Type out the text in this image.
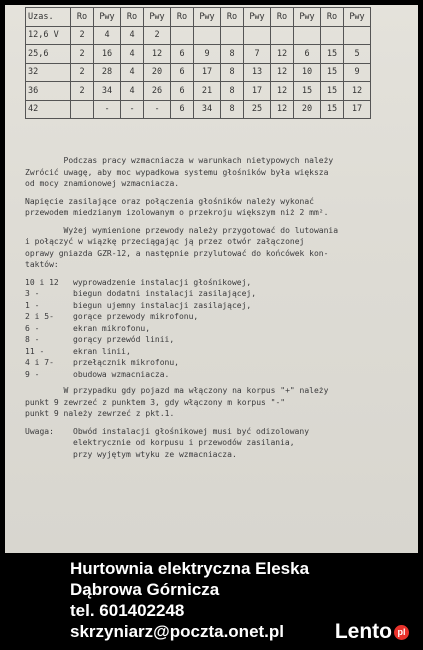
Uzas.	Ro	Pwy	Ro	Pwy	Ro	Pwy	Ro	Pwy	Ro	Pwy	Ro	Pwy
12,6 V	2	4	4	2								
25,6	2	16	4	12	6	9	8	7	12	6	15	5
32	2	28	4	20	6	17	8	13	12	10	15	9
36	2	34	4	26	6	21	8	17	12	15	15	12
42		-	-	-	6	34	8	25	12	20	15	17

Podczas pracy wzmacniacza w warunkach nietypowych należy
Zwrócić uwagę, aby moc wypadkowa systemu głośników była większa
od mocy znamionowej wzmacniacza.

Napięcie zasilające oraz połączenia głośników należy wykonać
przewodem miedzianym izolowanym o przekroju większym niż 2 mm².

Wyżej wymienione przewody należy przygotować do lutowania
i połączyć w wiązkę przeciągając ją przez otwór załączonej
oprawy gniazda GZR-12, a następnie przylutować do końcówek kon-
taktów:

10 i 12	wyprowadzenie instalacji głośnikowej,
3 -	biegun dodatni instalacji zasilającej,
1 -	biegun ujemny instalacji zasilającej,
2 i 5-	gorące przewody mikrofonu,
6 -	ekran mikrofonu,
8 -	gorący przewód linii,
11 -	ekran linii,
4 i 7-	przełącznik mikrofonu,
9 -	obudowa wzmacniacza.

W przypadku gdy pojazd ma włączony na korpus "+" należy
punkt 9 zewrzeć z punktem 3, gdy włączony m korpus "-"
punkt 9 należy zewrzeć z pkt.1.

Uwaga:	Obwód instalacji głośnikowej musi być odizolowany
elektrycznie od korpusu i przewodów zasilania,
przy wyjętym wtyku ze wzmacniacza.
Hurtownia elektryczna Eleska
Dąbrowa Górnicza
tel. 601402248
skrzyniarz@poczta.onet.pl Lento pl
